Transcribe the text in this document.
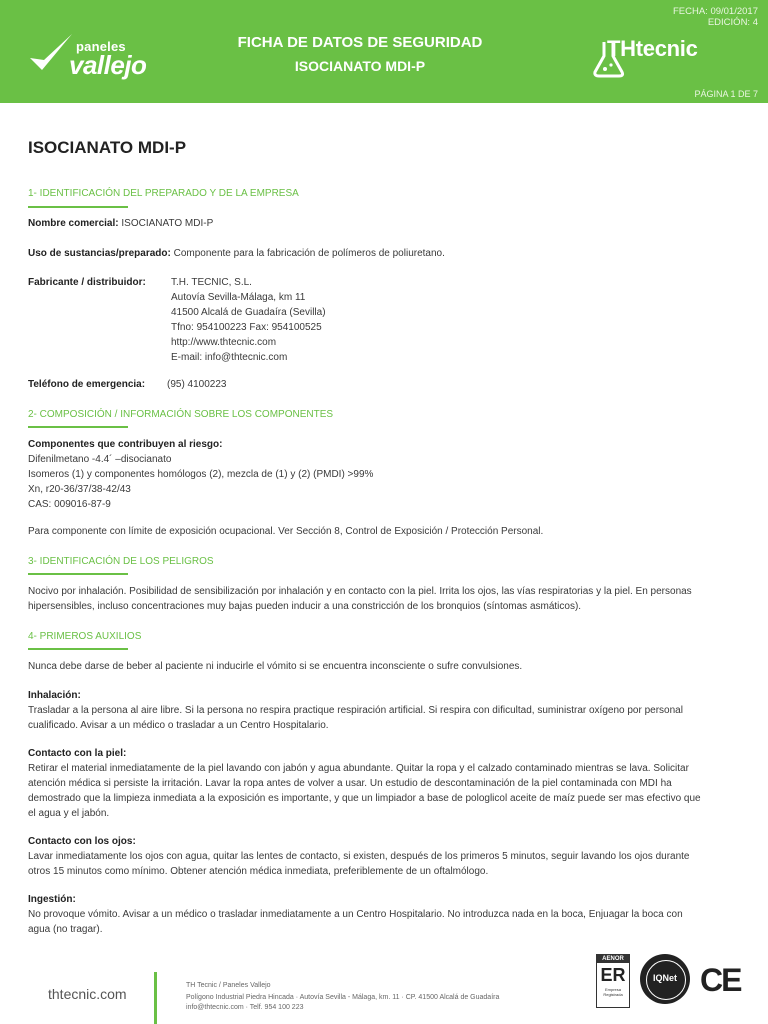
paneles
vallejo
FICHA DE DATOS DE SEGURIDAD
ISOCIANATO MDI-P
FECHA: 09/01/2017
EDICIÓN: 4
THtecnic
PÁGINA 1 DE 7
ISOCIANATO MDI-P
1- IDENTIFICACIÓN DEL PREPARADO Y DE LA EMPRESA
Nombre comercial: ISOCIANATO MDI-P
Uso de sustancias/preparado: Componente para la fabricación de polímeros de poliuretano.
Fabricante / distribuidor:	T.H. TECNIC, S.L.
Autovía Sevilla-Málaga, km 11
41500 Alcalá de Guadaíra (Sevilla)
Tfno: 954100223 Fax: 954100525
http://www.thtecnic.com
E-mail: info@thtecnic.com
Teléfono de emergencia: (95) 4100223
2- COMPOSICIÓN / INFORMACIÓN SOBRE LOS COMPONENTES
Componentes que contribuyen al riesgo:
Difenilmetano -4.4´ –disocianato
Isomeros (1) y componentes homólogos (2), mezcla de (1) y (2) (PMDI) >99%
Xn, r20-36/37/38-42/43
CAS: 009016-87-9
Para componente con límite de exposición ocupacional. Ver Sección 8, Control de Exposición / Protección Personal.
3- IDENTIFICACIÓN DE LOS PELIGROS
Nocivo por inhalación. Posibilidad de sensibilización por inhalación y en contacto con la piel. Irrita los ojos, las vías respiratorias y la piel. En personas
hipersensibles, incluso concentraciones muy bajas pueden inducir a una constricción de los bronquios (síntomas asmáticos).
4- PRIMEROS AUXILIOS
Nunca debe darse de beber al paciente ni inducirle el vómito si se encuentra inconsciente o sufre convulsiones.
Inhalación:
Trasladar a la persona al aire libre. Si la persona no respira practique respiración artificial. Si respira con dificultad, suministrar oxígeno por personal
cualificado. Avisar a un médico o trasladar a un Centro Hospitalario.
Contacto con la piel:
Retirar el material inmediatamente de la piel lavando con jabón y agua abundante. Quitar la ropa y el calzado contaminado mientras se lava. Solicitar
atención médica si persiste la irritación. Lavar la ropa antes de volver a usar. Un estudio de descontaminación de la piel contaminada con MDI ha
demostrado que la limpieza inmediata a la exposición es importante, y que un limpiador a base de pologlicol aceite de maíz puede ser mas efectivo que
el agua y el jabón.
Contacto con los ojos:
Lavar inmediatamente los ojos con agua, quitar las lentes de contacto, si existen, después de los primeros 5 minutos, seguir lavando los ojos durante
otros 15 minutos como mínimo. Obtener atención médica inmediata, preferiblemente de un oftalmólogo.
Ingestión:
No provoque vómito. Avisar a un médico o trasladar inmediatamente a un Centro Hospitalario. No introduzca nada en la boca, Enjuagar la boca con
agua (no tragar).
thtecnic.com
TH Tecnic / Paneles Vallejo
Polígono Industrial Piedra Hincada · Autovía Sevilla - Málaga, km. 11 · CP. 41500 Alcalá de Guadaíra
info@thtecnic.com · Telf. 954 100 223
AENOR
ER
Empresa Registrada
IQNet CE
